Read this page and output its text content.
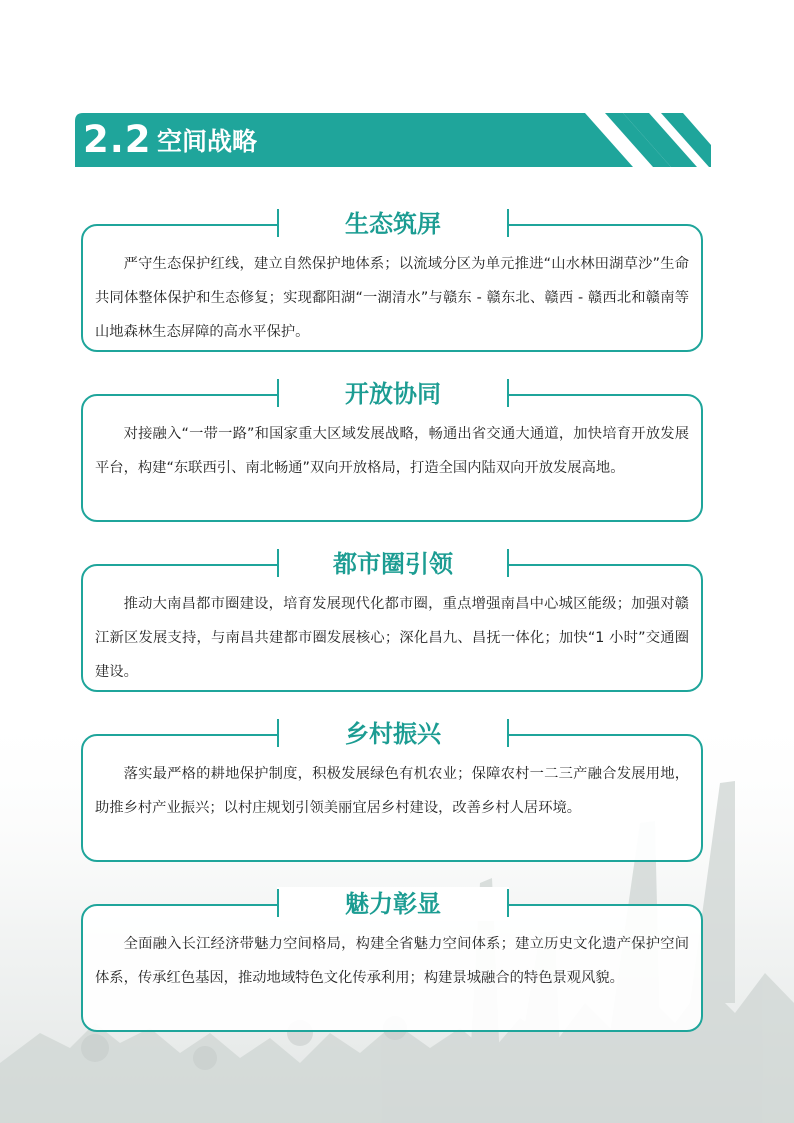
2.2 空间战略
严守生态保护红线，建立自然保护地体系；以流域分区为单元推进“山水林田湖草沙”生命共同体整体保护和生态修复；实现鄱阳湖“一湖清水”与赣东 - 赣东北、赣西 - 赣西北和赣南等山地森林生态屏障的高水平保护。
生态筑屏
对接融入“一带一路”和国家重大区域发展战略，畅通出省交通大通道，加快培育开放发展平台，构建“东联西引、南北畅通”双向开放格局，打造全国内陆双向开放发展高地。
开放协同
推动大南昌都市圈建设，培育发展现代化都市圈，重点增强南昌中心城区能级；加强对赣江新区发展支持，与南昌共建都市圈发展核心；深化昌九、昌抚一体化；加快“1 小时”交通圈建设。
都市圈引领
落实最严格的耕地保护制度，积极发展绿色有机农业；保障农村一二三产融合发展用地，助推乡村产业振兴；以村庄规划引领美丽宜居乡村建设，改善乡村人居环境。
乡村振兴
全面融入长江经济带魅力空间格局，构建全省魅力空间体系；建立历史文化遗产保护空间体系，传承红色基因，推动地域特色文化传承利用；构建景城融合的特色景观风貌。
魅力彰显
